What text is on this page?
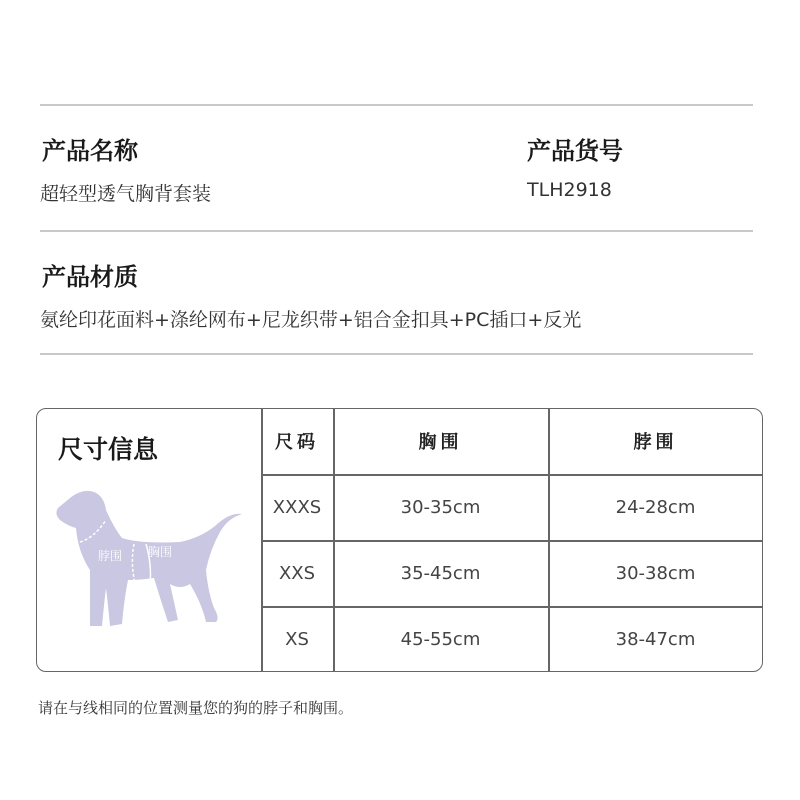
产品名称
超轻型透气胸背套装
产品货号
TLH2918
产品材质
氨纶印花面料+涤纶网布+尼龙织带+铝合金扣具+PC插口+反光
尺寸信息
脖围 胸围
尺码	胸围	脖围
XXXS	30-35cm	24-28cm
XXS	35-45cm	30-38cm
XS	45-55cm	38-47cm
请在与线相同的位置测量您的狗的脖子和胸围。
